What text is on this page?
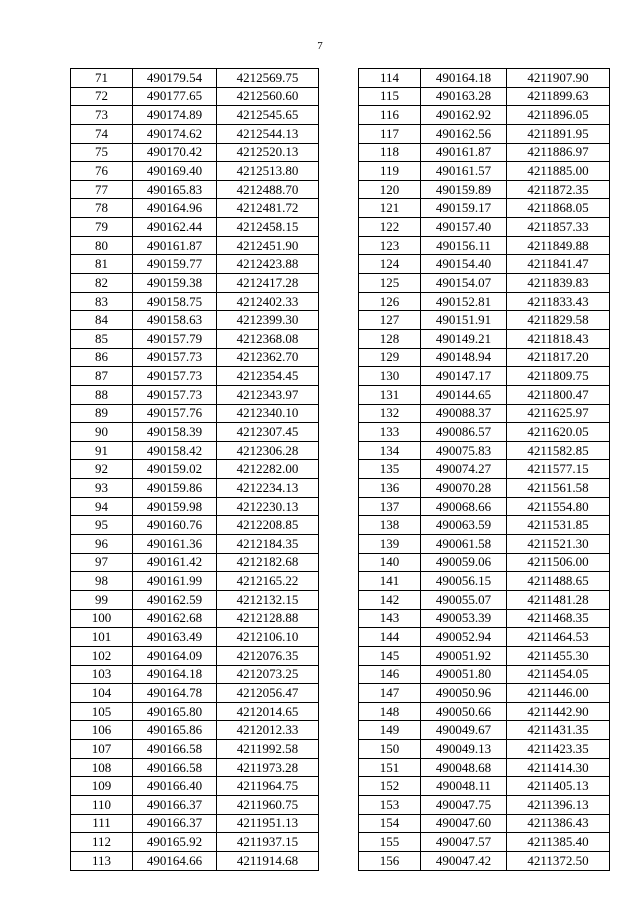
7
71	490179.54	4212569.75
72	490177.65	4212560.60
73	490174.89	4212545.65
74	490174.62	4212544.13
75	490170.42	4212520.13
76	490169.40	4212513.80
77	490165.83	4212488.70
78	490164.96	4212481.72
79	490162.44	4212458.15
80	490161.87	4212451.90
81	490159.77	4212423.88
82	490159.38	4212417.28
83	490158.75	4212402.33
84	490158.63	4212399.30
85	490157.79	4212368.08
86	490157.73	4212362.70
87	490157.73	4212354.45
88	490157.73	4212343.97
89	490157.76	4212340.10
90	490158.39	4212307.45
91	490158.42	4212306.28
92	490159.02	4212282.00
93	490159.86	4212234.13
94	490159.98	4212230.13
95	490160.76	4212208.85
96	490161.36	4212184.35
97	490161.42	4212182.68
98	490161.99	4212165.22
99	490162.59	4212132.15
100	490162.68	4212128.88
101	490163.49	4212106.10
102	490164.09	4212076.35
103	490164.18	4212073.25
104	490164.78	4212056.47
105	490165.80	4212014.65
106	490165.86	4212012.33
107	490166.58	4211992.58
108	490166.58	4211973.28
109	490166.40	4211964.75
110	490166.37	4211960.75
111	490166.37	4211951.13
112	490165.92	4211937.15
113	490164.66	4211914.68
114	490164.18	4211907.90
115	490163.28	4211899.63
116	490162.92	4211896.05
117	490162.56	4211891.95
118	490161.87	4211886.97
119	490161.57	4211885.00
120	490159.89	4211872.35
121	490159.17	4211868.05
122	490157.40	4211857.33
123	490156.11	4211849.88
124	490154.40	4211841.47
125	490154.07	4211839.83
126	490152.81	4211833.43
127	490151.91	4211829.58
128	490149.21	4211818.43
129	490148.94	4211817.20
130	490147.17	4211809.75
131	490144.65	4211800.47
132	490088.37	4211625.97
133	490086.57	4211620.05
134	490075.83	4211582.85
135	490074.27	4211577.15
136	490070.28	4211561.58
137	490068.66	4211554.80
138	490063.59	4211531.85
139	490061.58	4211521.30
140	490059.06	4211506.00
141	490056.15	4211488.65
142	490055.07	4211481.28
143	490053.39	4211468.35
144	490052.94	4211464.53
145	490051.92	4211455.30
146	490051.80	4211454.05
147	490050.96	4211446.00
148	490050.66	4211442.90
149	490049.67	4211431.35
150	490049.13	4211423.35
151	490048.68	4211414.30
152	490048.11	4211405.13
153	490047.75	4211396.13
154	490047.60	4211386.43
155	490047.57	4211385.40
156	490047.42	4211372.50
